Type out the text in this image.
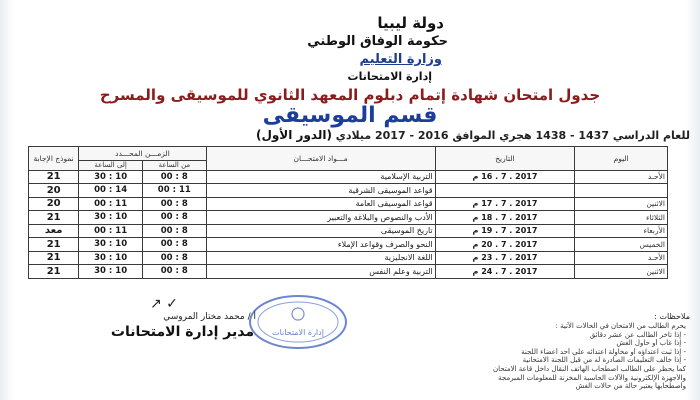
دولة ليبيا
حكومة الوفاق الوطني
وزارة التعليم
إدارة الامتحانات
جدول امتحان شهادة إتمام دبلوم المعهد الثانوي للموسيقى والمسرح
قسم الموسيقى
للعام الدراسي 1437 - 1438 هجري الموافق 2016 - 2017 ميلادي (الدور الأول)
اليوم	التاريخ	مـــواد الامتحـــان	الزمـــن المحـــدد		نموذج الإجابة
			من الساعة	إلى الساعة	
الأحـد	2017 . 7 . 16 م	التربية الإسلامية	8 : 00	10 : 30	21
		قواعد الموسيقى الشرقية	11 : 00	14 : 00	20
الاثنين	2017 . 7 . 17 م	قواعد الموسيقى العامة	8 : 00	11 : 00	20
الثلاثاء	2017 . 7 . 18 م	الأدب والنصوص والبلاغة والتعبير	8 : 00	10 : 30	21
الأربعاء	2017 . 7 . 19 م	تاريخ الموسيقى	8 : 00	11 : 00	معد
الخميس	2017 . 7 . 20 م	النحو والصرف وقواعد الإملاء	8 : 00	10 : 30	21
الأحـد	2017 . 7 . 23 م	اللغة الانجليزية	8 : 00	10 : 30	21
الاثنين	2017 . 7 . 24 م	التربية وعلم النفس	8 : 00	10 : 30	21
↗ ✓
أ / محمد مختار المروسي
مدير إدارة الامتحانات إدارة الامتحانات
ملاحظات :
يحرم الطالب من الامتحان في الحالات الآتية :
- إذا تأخر الطالب عن عشر دقائق
- إذا غاب أو حاول الغش
- إذا ثبت اعتداؤه أو محاولة اعتدائه على أحد أعضاء اللجنة
- إذا خالف التعليمات الصادرة له من قبل اللجنة الامتحانية
كما يحظر على الطالب اصطحاب الهاتف النقال داخل قاعة الامتحان
والأجهزة الإلكترونية والآلات الحاسبة المخزنة للمعلومات المبرمجة
واصطحابها يعتبر حالة من حالات الغش
